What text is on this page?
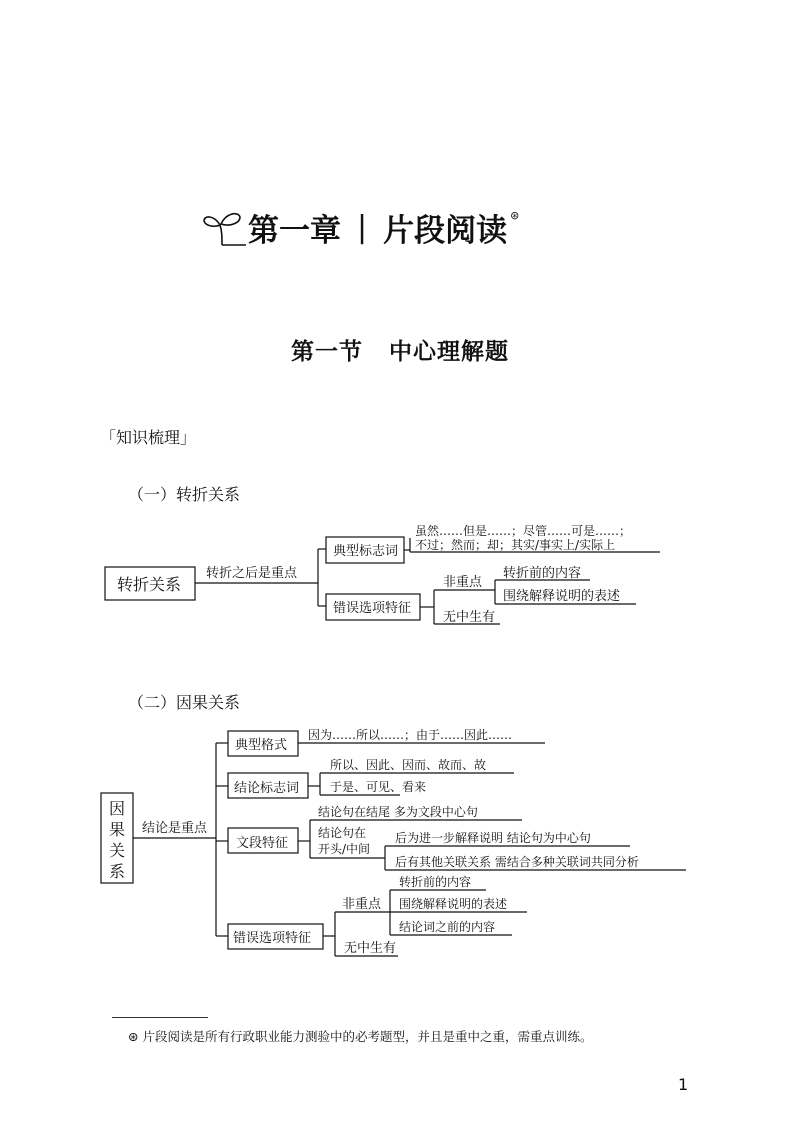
第一章 | 片段阅读 ⊛
第一节 中心理解题
「知识梳理」
（一）转折关系
转折关系
转折之后是重点
典型标志词
虽然……但是……；尽管……可是……；
不过；然而；却；其实/事实上/实际上
错误选项特征
非重点
转折前的内容
围绕解释说明的表述
无中生有
（二）因果关系
因
果
关
系
结论是重点
典型格式
因为……所以……；由于……因此……
结论标志词
所以、因此、因而、故而、故
于是、可见、看来
文段特征
结论句在结尾 多为文段中心句
结论句在
开头/中间
后为进一步解释说明 结论句为中心句
后有其他关联关系 需结合多种关联词共同分析
错误选项特征
非重点
转折前的内容
围绕解释说明的表述
结论词之前的内容
无中生有
⊛ 片段阅读是所有行政职业能力测验中的必考题型，并且是重中之重，需重点训练。
1
